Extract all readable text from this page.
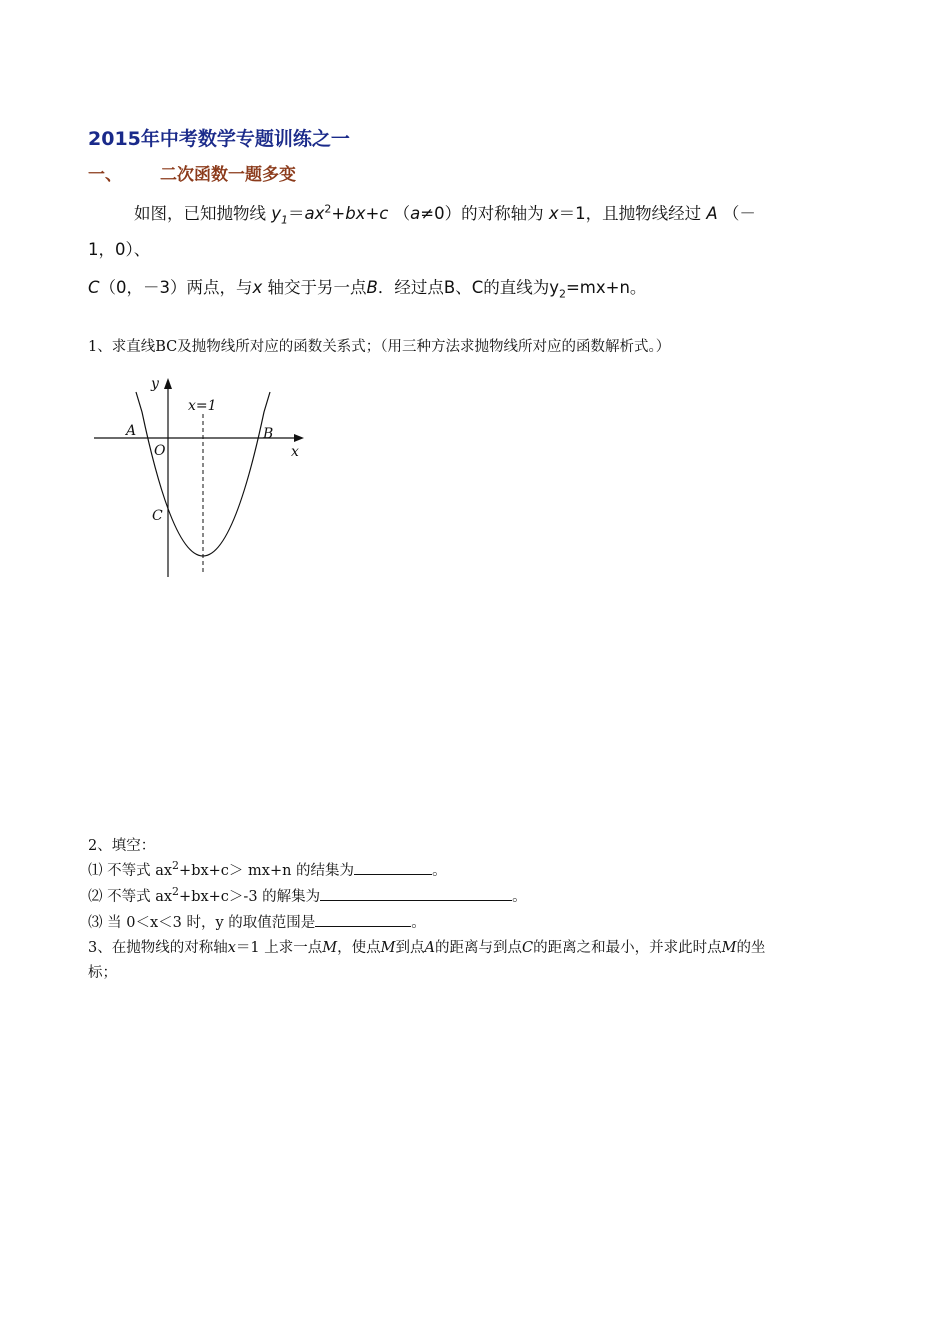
2015年中考数学专题训练之一
一、 二次函数一题多变
如图，已知抛物线 $y_1=ax^2+bx+c$ （a≠0）的对称轴为 x＝1，且抛物线经过 A （－
1，0）、
C（0，－3）两点，与x 轴交于另一点B．经过点B、C的直线为$y_2=mx+n$。
1、求直线BC及抛物线所对应的函数关系式；（用三种方法求抛物线所对应的函数解析式。）
y
x
x=1
A	B
C
O
2、填空：
⑴ 不等式 $ax^2+bx+c> mx+n$ 的结集为	。
⑵ 不等式 $ax^2+bx+c>-3$ 的解集为	。
⑶ 当 0＜x＜3 时，y 的取值范围是	。
3、在抛物线的对称轴x＝1 上求一点M，使点M到点A的距离与到点C的距离之和最小，并求此时点M的坐
标；
